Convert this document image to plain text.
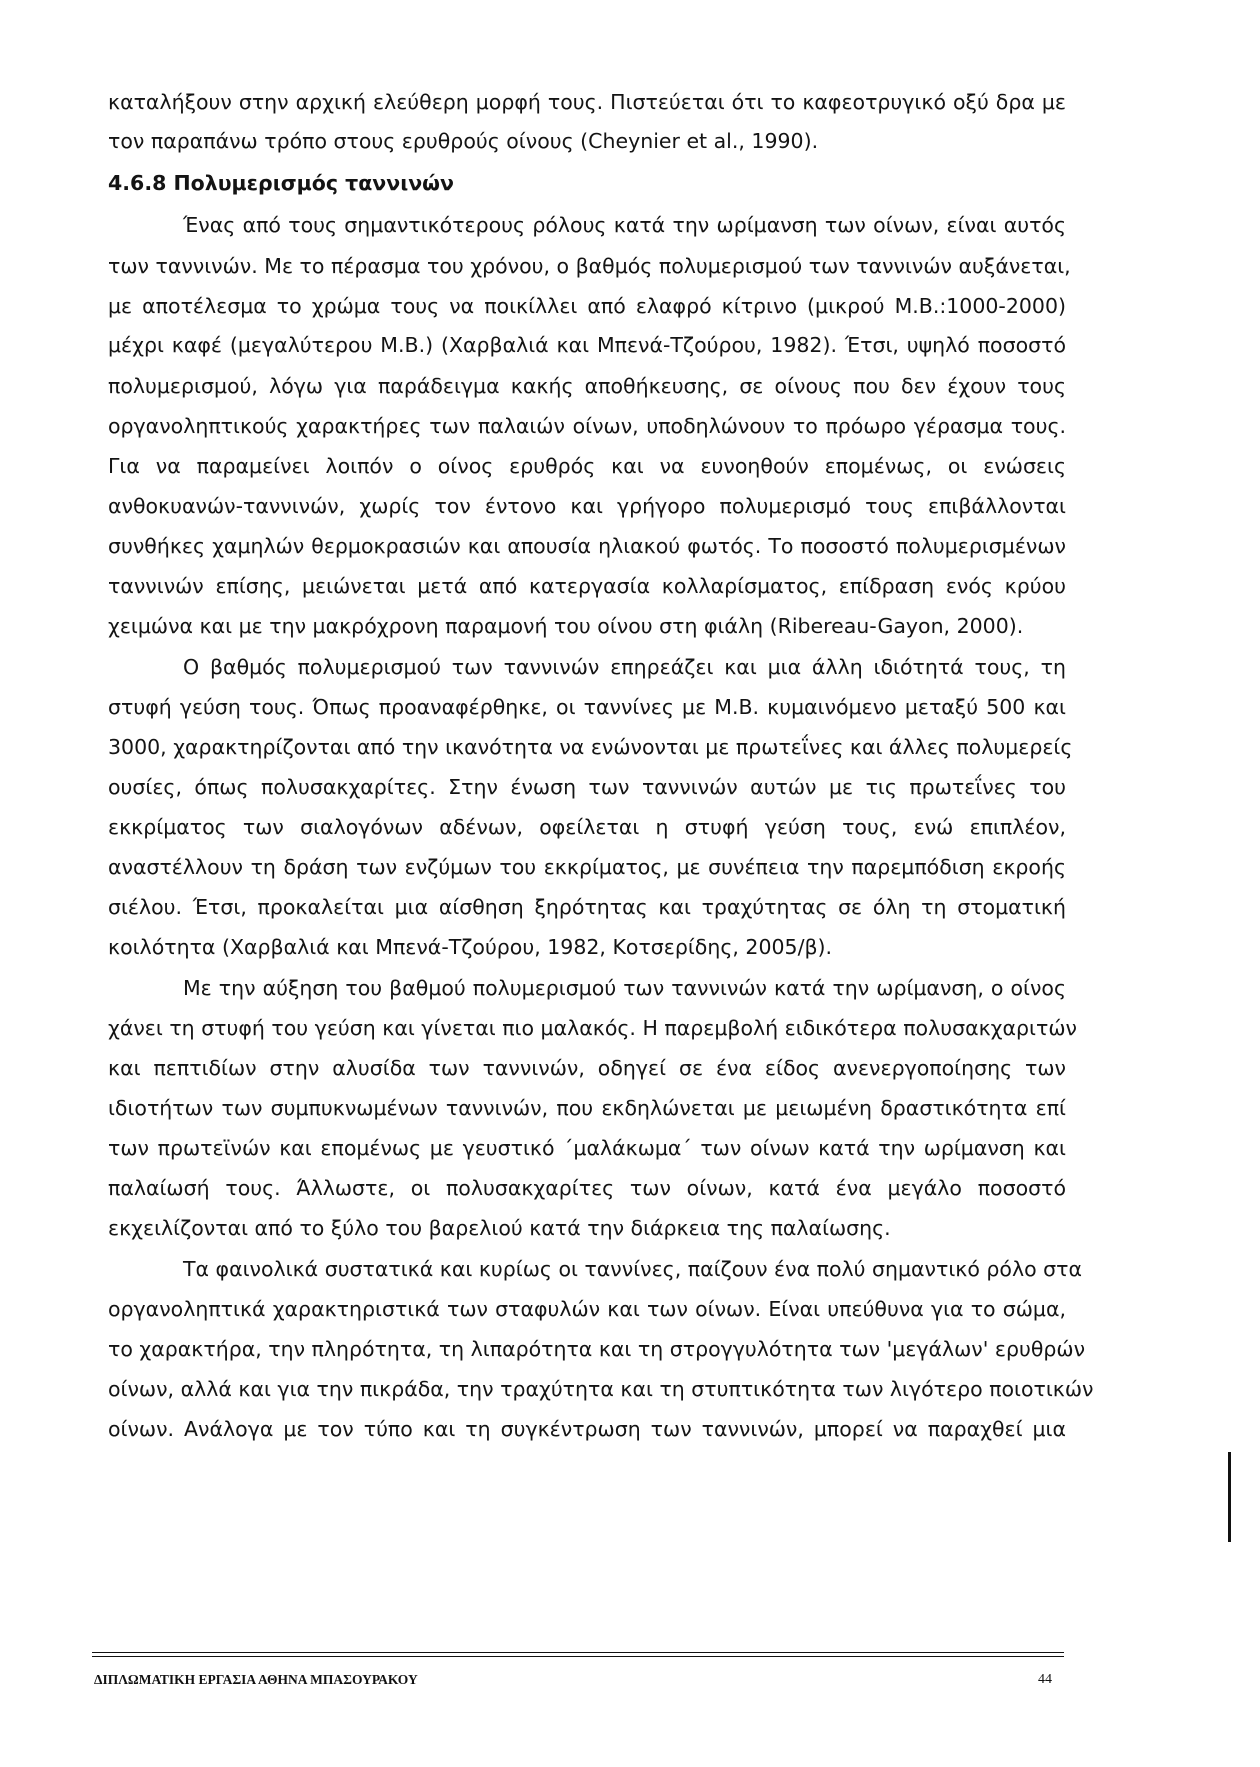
καταλήξουν στην αρχική ελεύθερη μορφή τους. Πιστεύεται ότι το καφεοτρυγικό οξύ δρα με
τον παραπάνω τρόπο στους ερυθρούς οίνους (Cheynier et al., 1990).
4.6.8 Πολυμερισμός ταννινών
Ένας από τους σημαντικότερους ρόλους κατά την ωρίμανση των οίνων, είναι αυτός
των ταννινών. Με το πέρασμα του χρόνου, ο βαθμός πολυμερισμού των ταννινών αυξάνεται,
με αποτέλεσμα το χρώμα τους να ποικίλλει από ελαφρό κίτρινο (μικρού Μ.Β.:1000-2000)
μέχρι καφέ (μεγαλύτερου Μ.Β.) (Χαρβαλιά και Μπενά-Τζούρου, 1982). Έτσι, υψηλό ποσοστό
πολυμερισμού, λόγω για παράδειγμα κακής αποθήκευσης, σε οίνους που δεν έχουν τους
οργανοληπτικούς χαρακτήρες των παλαιών οίνων, υποδηλώνουν το πρόωρο γέρασμα τους.
Για να παραμείνει λοιπόν ο οίνος ερυθρός και να ευνοηθούν επομένως, οι ενώσεις
ανθοκυανών-ταννινών, χωρίς τον έντονο και γρήγορο πολυμερισμό τους επιβάλλονται
συνθήκες χαμηλών θερμοκρασιών και απουσία ηλιακού φωτός. Το ποσοστό πολυμερισμένων
ταννινών επίσης, μειώνεται μετά από κατεργασία κολλαρίσματος, επίδραση ενός κρύου
χειμώνα και με την μακρόχρονη παραμονή του οίνου στη φιάλη (Ribereau-Gayon, 2000).
Ο βαθμός πολυμερισμού των ταννινών επηρεάζει και μια άλλη ιδιότητά τους, τη
στυφή γεύση τους. Όπως προαναφέρθηκε, οι ταννίνες με Μ.Β. κυμαινόμενο μεταξύ 500 και
3000, χαρακτηρίζονται από την ικανότητα να ενώνονται με πρωτεΐνες και άλλες πολυμερείς
ουσίες, όπως πολυσακχαρίτες. Στην ένωση των ταννινών αυτών με τις πρωτεΐνες του
εκκρίματος των σιαλογόνων αδένων, οφείλεται η στυφή γεύση τους, ενώ επιπλέον,
αναστέλλουν τη δράση των ενζύμων του εκκρίματος, με συνέπεια την παρεμπόδιση εκροής
σιέλου. Έτσι, προκαλείται μια αίσθηση ξηρότητας και τραχύτητας σε όλη τη στοματική
κοιλότητα (Χαρβαλιά και Μπενά-Τζούρου, 1982, Κοτσερίδης, 2005/β).
Με την αύξηση του βαθμού πολυμερισμού των ταννινών κατά την ωρίμανση, ο οίνος
χάνει τη στυφή του γεύση και γίνεται πιο μαλακός. Η παρεμβολή ειδικότερα πολυσακχαριτών
και πεπτιδίων στην αλυσίδα των ταννινών, οδηγεί σε ένα είδος ανενεργοποίησης των
ιδιοτήτων των συμπυκνωμένων ταννινών, που εκδηλώνεται με μειωμένη δραστικότητα επί
των πρωτεϊνών και επομένως με γευστικό ΄μαλάκωμα΄ των οίνων κατά την ωρίμανση και
παλαίωσή τους. Άλλωστε, οι πολυσακχαρίτες των οίνων, κατά ένα μεγάλο ποσοστό
εκχειλίζονται από το ξύλο του βαρελιού κατά την διάρκεια της παλαίωσης.
Τα φαινολικά συστατικά και κυρίως οι ταννίνες, παίζουν ένα πολύ σημαντικό ρόλο στα
οργανοληπτικά χαρακτηριστικά των σταφυλών και των οίνων. Είναι υπεύθυνα για το σώμα,
το χαρακτήρα, την πληρότητα, τη λιπαρότητα και τη στρογγυλότητα των 'μεγάλων' ερυθρών
οίνων, αλλά και για την πικράδα, την τραχύτητα και τη στυπτικότητα των λιγότερο ποιοτικών
οίνων. Ανάλογα με τον τύπο και τη συγκέντρωση των ταννινών, μπορεί να παραχθεί μια
ΔΙΠΛΩΜΑΤΙΚΗ ΕΡΓΑΣΙΑ ΑΘΗΝΑ ΜΠΑΣΟΥΡΑΚΟΥ	44
